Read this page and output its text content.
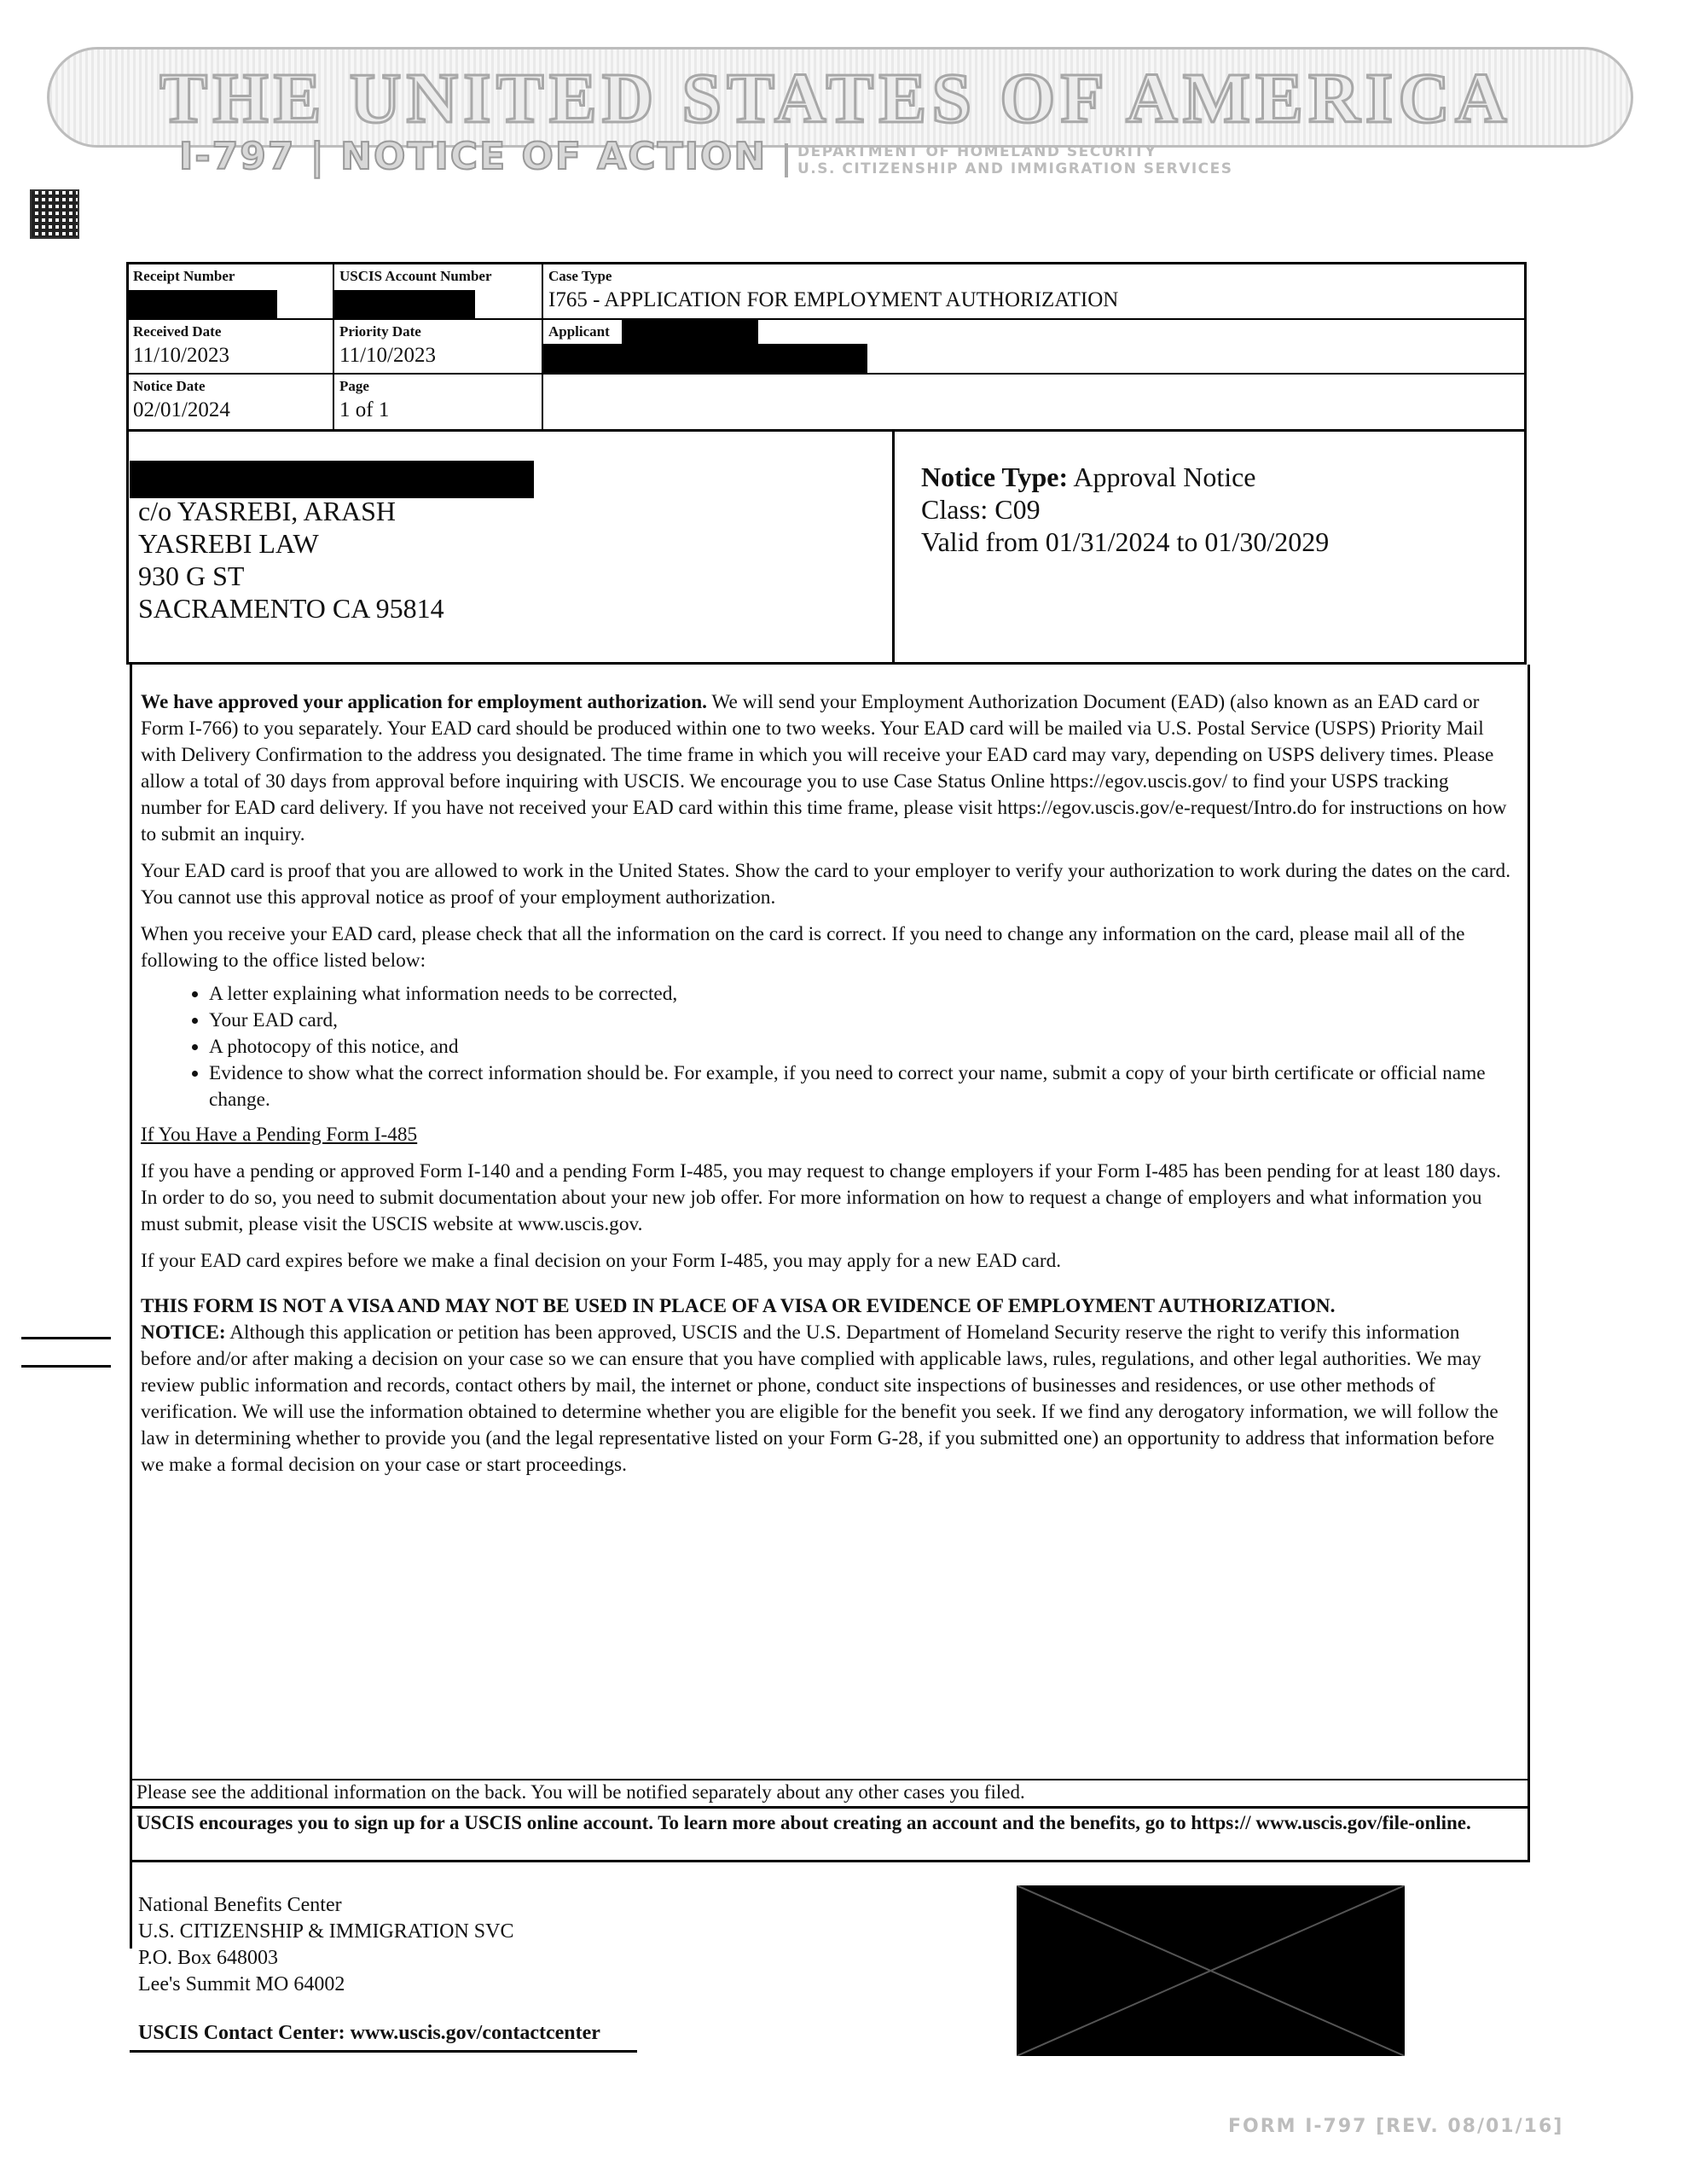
THE UNITED STATES OF AMERICA
I-797 | NOTICE OF ACTION DEPARTMENT OF HOMELAND SECURITY
U.S. CITIZENSHIP AND IMMIGRATION SERVICES
Receipt Number	USCIS Account Number	Case Type
I765 - APPLICATION FOR EMPLOYMENT AUTHORIZATION
Received Date
11/10/2023
Priority Date
11/10/2023
Applicant
Notice Date
02/01/2024
Page
1 of 1
c/o YASREBI, ARASH
YASREBI LAW
930 G ST
SACRAMENTO CA 95814
Notice Type: Approval Notice
Class: C09
Valid from 01/31/2024 to 01/30/2029

We have approved your application for employment authorization. We will send your Employment Authorization Document (EAD) (also known as an EAD card or Form I-766) to you separately. Your EAD card should be produced within one to two weeks. Your EAD card will be mailed via U.S. Postal Service (USPS) Priority Mail with Delivery Confirmation to the address you designated. The time frame in which you will receive your EAD card may vary, depending on USPS delivery times. Please allow a total of 30 days from approval before inquiring with USCIS. We encourage you to use Case Status Online https://egov.uscis.gov/ to find your USPS tracking number for EAD card delivery. If you have not received your EAD card within this time frame, please visit https://egov.uscis.gov/e-request/Intro.do for instructions on how to submit an inquiry.

Your EAD card is proof that you are allowed to work in the United States. Show the card to your employer to verify your authorization to work during the dates on the card. You cannot use this approval notice as proof of your employment authorization.

When you receive your EAD card, please check that all the information on the card is correct. If you need to change any information on the card, please mail all of the following to the office listed below:

• A letter explaining what information needs to be corrected,
• Your EAD card,
• A photocopy of this notice, and
• Evidence to show what the correct information should be. For example, if you need to correct your name, submit a copy of your birth certificate or official name change.

If You Have a Pending Form I-485

If you have a pending or approved Form I-140 and a pending Form I-485, you may request to change employers if your Form I-485 has been pending for at least 180 days. In order to do so, you need to submit documentation about your new job offer. For more information on how to request a change of employers and what information you must submit, please visit the USCIS website at www.uscis.gov.

If your EAD card expires before we make a final decision on your Form I-485, you may apply for a new EAD card.

THIS FORM IS NOT A VISA AND MAY NOT BE USED IN PLACE OF A VISA OR EVIDENCE OF EMPLOYMENT AUTHORIZATION.
NOTICE: Although this application or petition has been approved, USCIS and the U.S. Department of Homeland Security reserve the right to verify this information before and/or after making a decision on your case so we can ensure that you have complied with applicable laws, rules, regulations, and other legal authorities. We may review public information and records, contact others by mail, the internet or phone, conduct site inspections of businesses and residences, or use other methods of verification. We will use the information obtained to determine whether you are eligible for the benefit you seek. If we find any derogatory information, we will follow the law in determining whether to provide you (and the legal representative listed on your Form G-28, if you submitted one) an opportunity to address that information before we make a formal decision on your case or start proceedings.
Please see the additional information on the back. You will be notified separately about any other cases you filed.
USCIS encourages you to sign up for a USCIS online account. To learn more about creating an account and the benefits, go to https:// www.uscis.gov/file-online.
National Benefits Center
U.S. CITIZENSHIP & IMMIGRATION SVC
P.O. Box 648003
Lee's Summit MO 64002
USCIS Contact Center: www.uscis.gov/contactcenter
FORM I-797 [REV. 08/01/16]
